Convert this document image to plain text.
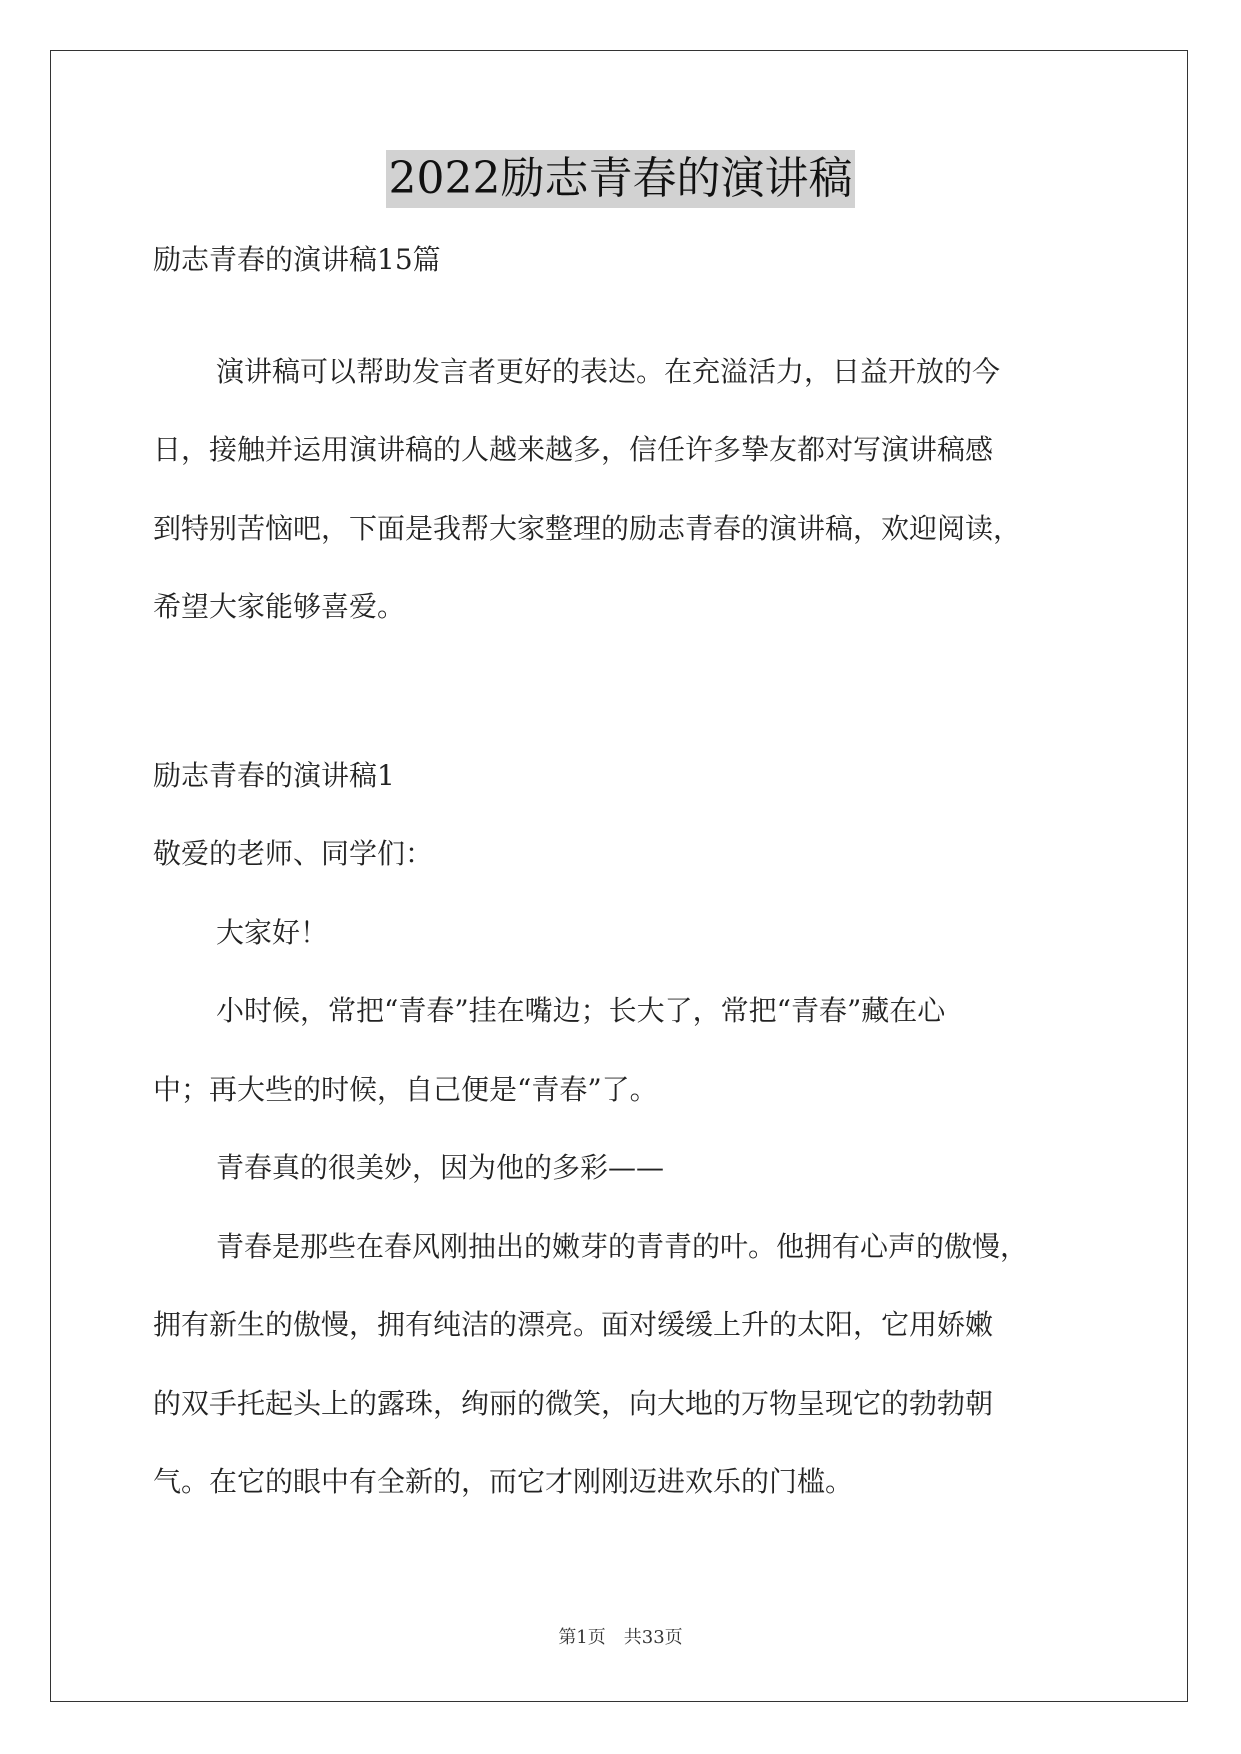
2022励志青春的演讲稿
励志青春的演讲稿15篇
演讲稿可以帮助发言者更好的表达。在充溢活力，日益开放的今
日，接触并运用演讲稿的人越来越多，信任许多挚友都对写演讲稿感
到特别苦恼吧，下面是我帮大家整理的励志青春的演讲稿，欢迎阅读，
希望大家能够喜爱。
励志青春的演讲稿1
敬爱的老师、同学们：
大家好！
小时候，常把“青春”挂在嘴边；长大了，常把“青春”藏在心
中；再大些的时候，自己便是“青春”了。
青春真的很美妙，因为他的多彩——
青春是那些在春风刚抽出的嫩芽的青青的叶。他拥有心声的傲慢，
拥有新生的傲慢，拥有纯洁的漂亮。面对缓缓上升的太阳，它用娇嫩
的双手托起头上的露珠，绚丽的微笑，向大地的万物呈现它的勃勃朝
气。在它的眼中有全新的，而它才刚刚迈进欢乐的门槛。
第1页　共33页
